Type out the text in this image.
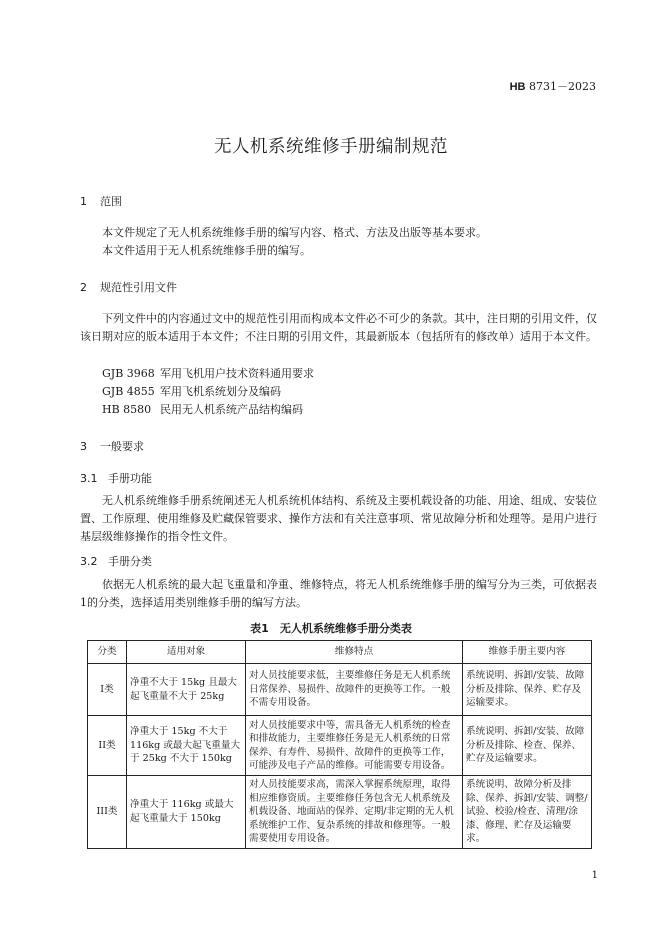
HB 8731－2023
无人机系统维修手册编制规范
1 范围
本文件规定了无人机系统维修手册的编写内容、格式、方法及出版等基本要求。
本文件适用于无人机系统维修手册的编写。
2 规范性引用文件
下列文件中的内容通过文中的规范性引用而构成本文件必不可少的条款。其中，注日期的引用文件，仅该日期对应的版本适用于本文件；不注日期的引用文件，其最新版本（包括所有的修改单）适用于本文件。
GJB 3968 军用飞机用户技术资料通用要求
GJB 4855 军用飞机系统划分及编码
HB 8580 民用无人机系统产品结构编码
3 一般要求
3.1 手册功能
无人机系统维修手册系统阐述无人机系统机体结构、系统及主要机载设备的功能、用途、组成、安装位置、工作原理、使用维修及贮藏保管要求、操作方法和有关注意事项、常见故障分析和处理等。是用户进行基层级维修操作的指令性文件。
3.2 手册分类
依据无人机系统的最大起飞重量和净重、维修特点，将无人机系统维修手册的编写分为三类，可依据表1的分类，选择适用类别维修手册的编写方法。
表1　无人机系统维修手册分类表
分类	适用对象	维修特点	维修手册主要内容
I类	净重不大于 15kg 且最大起飞重量不大于 25kg	对人员技能要求低，主要维修任务是无人机系统日常保养、易损件、故障件的更换等工作。一般不需专用设备。	系统说明、拆卸/安装、故障分析及排除、保养、贮存及运输要求。
II类	净重大于 15kg 不大于116kg 或最大起飞重量大于 25kg 不大于 150kg	对人员技能要求中等，需具备无人机系统的检查和排故能力，主要维修任务是无人机系统的日常保养、有寿件、易损件、故障件的更换等工作，可能涉及电子产品的维修。可能需要专用设备。	系统说明、拆卸/安装、故障分析及排除、检查、保养、贮存及运输要求。
III类	净重大于 116kg 或最大起飞重量大于 150kg	对人员技能要求高，需深入掌握系统原理，取得相应维修资质。主要维修任务包含无人机系统及机载设备、地面站的保养、定期/非定期的无人机系统维护工作、复杂系统的排故和修理等。一般需要使用专用设备。	系统说明、故障分析及排除、保养、拆卸/安装、调整/试验、校验/检查、清理/涂漆、修理、贮存及运输要求。
1
